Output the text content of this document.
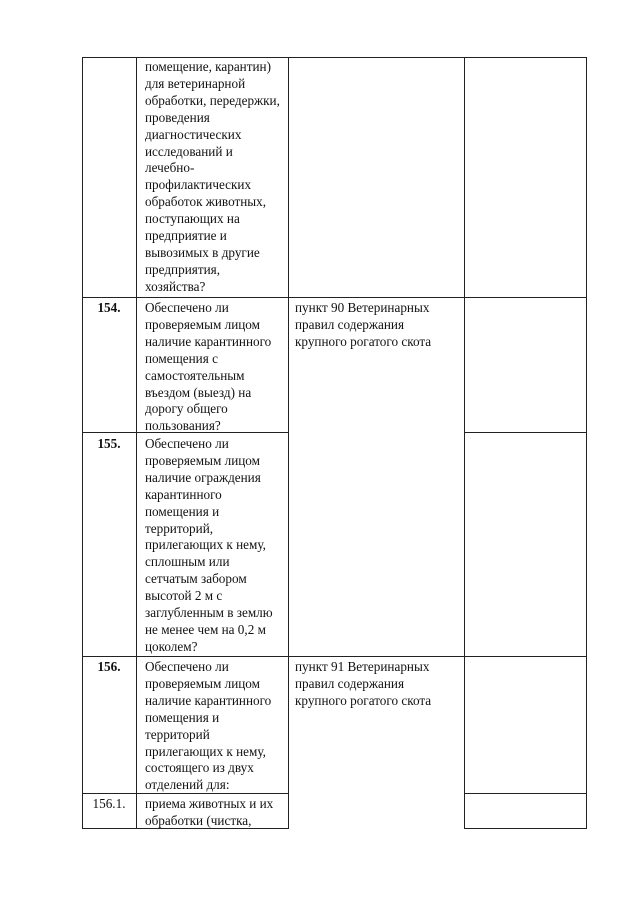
помещение, карантин)
для ветеринарной
обработки, передержки,
проведения
диагностических
исследований и
лечебно-
профилактических
обработок животных,
поступающих на
предприятие и
вывозимых в другие
предприятия,
хозяйства?
154.	Обеспечено ли
проверяемым лицом
наличие карантинного
помещения с
самостоятельным
въездом (выезд) на
дорогу общего
пользования?
пункт 90 Ветеринарных
правил содержания
крупного рогатого скота
155.	Обеспечено ли
проверяемым лицом
наличие ограждения
карантинного
помещения и
территорий,
прилегающих к нему,
сплошным или
сетчатым забором
высотой 2 м с
заглубленным в землю
не менее чем на 0,2 м
цоколем?
156.	Обеспечено ли
проверяемым лицом
наличие карантинного
помещения и
территорий
прилегающих к нему,
состоящего из двух
отделений для:
пункт 91 Ветеринарных
правил содержания
крупного рогатого скота
156.1.	приема животных и их
обработки (чистка,
